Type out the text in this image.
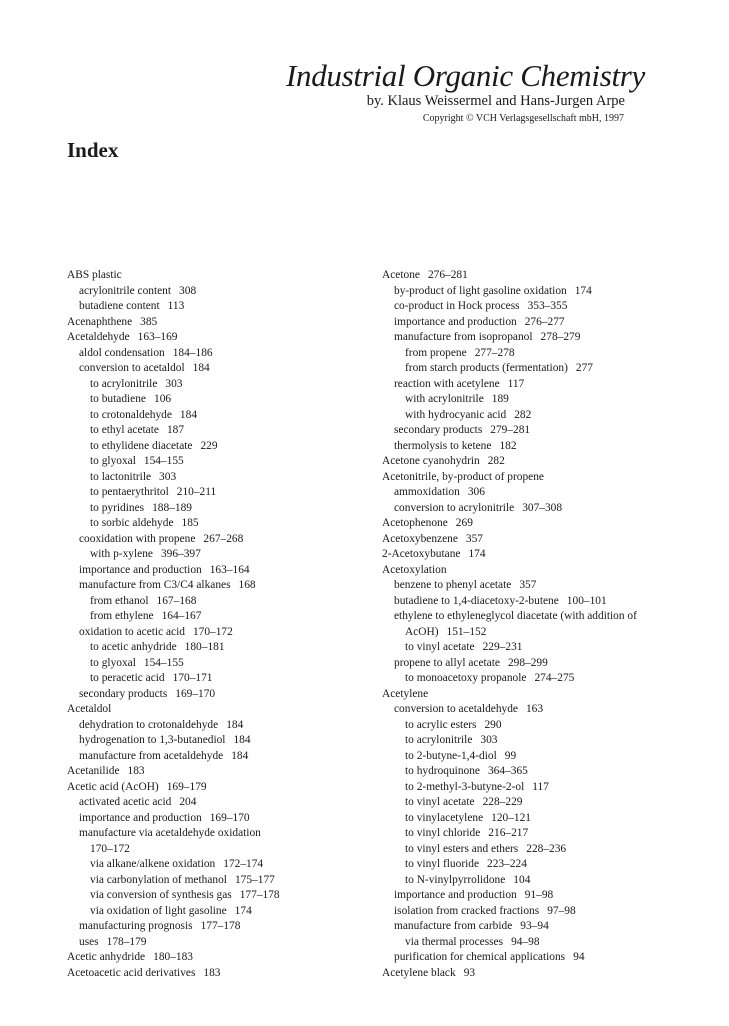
Industrial Organic Chemistry

by. Klaus Weissermel and Hans-Jurgen Arpe

Copyright © VCH Verlagsgesellschaft mbH, 1997

Index
ABS plastic
acrylonitrile content 308
butadiene content 113
Acenaphthene 385
Acetaldehyde 163–169
aldol condensation 184–186
conversion to acetaldol 184
to acrylonitrile 303
to butadiene 106
to crotonaldehyde 184
to ethyl acetate 187
to ethylidene diacetate 229
to glyoxal 154–155
to lactonitrile 303
to pentaerythritol 210–211
to pyridines 188–189
to sorbic aldehyde 185
cooxidation with propene 267–268
with p-xylene 396–397
importance and production 163–164
manufacture from C3/C4 alkanes 168
from ethanol 167–168
from ethylene 164–167
oxidation to acetic acid 170–172
to acetic anhydride 180–181
to glyoxal 154–155
to peracetic acid 170–171
secondary products 169–170
Acetaldol
dehydration to crotonaldehyde 184
hydrogenation to 1,3-butanediol 184
manufacture from acetaldehyde 184
Acetanilide 183
Acetic acid (AcOH) 169–179
activated acetic acid 204
importance and production 169–170
manufacture via acetaldehyde oxidation
170–172
via alkane/alkene oxidation 172–174
via carbonylation of methanol 175–177
via conversion of synthesis gas 177–178
via oxidation of light gasoline 174
manufacturing prognosis 177–178
uses 178–179
Acetic anhydride 180–183
Acetoacetic acid derivatives 183
Acetone 276–281
by-product of light gasoline oxidation 174
co-product in Hock process 353–355
importance and production 276–277
manufacture from isopropanol 278–279
from propene 277–278
from starch products (fermentation) 277
reaction with acetylene 117
with acrylonitrile 189
with hydrocyanic acid 282
secondary products 279–281
thermolysis to ketene 182
Acetone cyanohydrin 282
Acetonitrile, by-product of propene
ammoxidation 306
conversion to acrylonitrile 307–308
Acetophenone 269
Acetoxybenzene 357
2-Acetoxybutane 174
Acetoxylation
benzene to phenyl acetate 357
butadiene to 1,4-diacetoxy-2-butene 100–101
ethylene to ethyleneglycol diacetate (with addition of
AcOH) 151–152
to vinyl acetate 229–231
propene to allyl acetate 298–299
to monoacetoxy propanole 274–275
Acetylene
conversion to acetaldehyde 163
to acrylic esters 290
to acrylonitrile 303
to 2-butyne-1,4-diol 99
to hydroquinone 364–365
to 2-methyl-3-butyne-2-ol 117
to vinyl acetate 228–229
to vinylacetylene 120–121
to vinyl chloride 216–217
to vinyl esters and ethers 228–236
to vinyl fluoride 223–224
to N-vinylpyrrolidone 104
importance and production 91–98
isolation from cracked fractions 97–98
manufacture from carbide 93–94
via thermal processes 94–98
purification for chemical applications 94
Acetylene black 93
